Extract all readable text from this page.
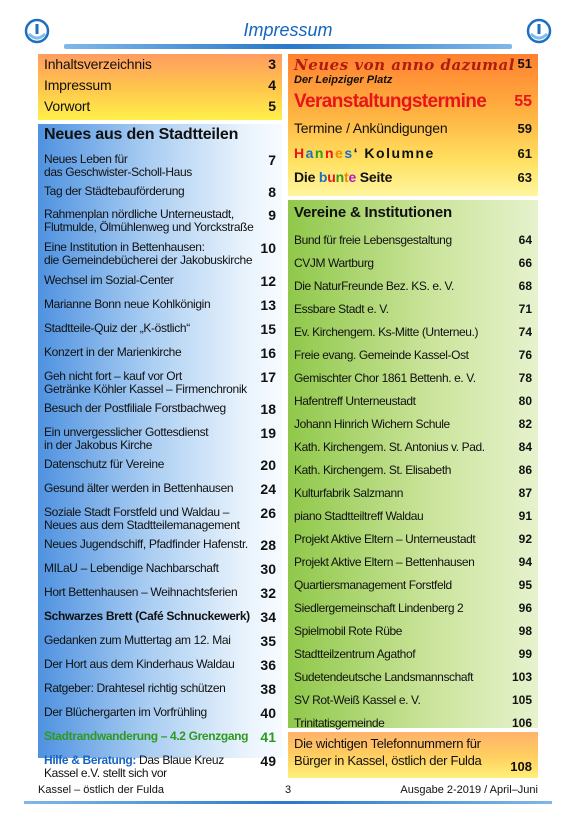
Impressum
Inhaltsverzeichnis	3
Impressum	4
Vorwort	5
Neues aus den Stadtteilen
Neues Leben für
das Geschwister-Scholl-Haus
7
Tag der Städtebauförderung	8
Rahmenplan nördliche Unterneustadt,
Flutmulde, Ölmühlenweg und Yorckstraße
9
Eine Institution in Bettenhausen:
die Gemeindebücherei der Jakobuskirche
10
Wechsel im Sozial-Center	12
Marianne Bonn neue Kohlkönigin	13
Stadtteile-Quiz der „K-östlich“	15
Konzert in der Marienkirche	16
Geh nicht fort – kauf vor Ort
Getränke Köhler Kassel – Firmenchronik
17
Besuch der Postfiliale Forstbachweg 18
Ein unvergesslicher Gottesdienst
in der Jakobus Kirche
19
Datenschutz für Vereine	20
Gesund älter werden in Bettenhausen 24
Soziale Stadt Forstfeld und Waldau –
Neues aus dem Stadtteilemanagement
26
Neues Jugendschiff, Pfadfinder Hafenstr. 28
MILaU – Lebendige Nachbarschaft	30
Hort Bettenhausen – Weihnachtsferien 32
Schwarzes Brett (Café Schnuckewerk) 34
Gedanken zum Muttertag am 12. Mai 35
Der Hort aus dem Kinderhaus Waldau 36
Ratgeber: Drahtesel richtig schützen 38
Der Blüchergarten im Vorfrühling	40
Stadtrandwanderung – 4.2 Grenzgang 41
Hilfe & Beratung: Das Blaue Kreuz
Kassel e.V. stellt sich vor
49
Neues von anno dazumal 51
Der Leipziger Platz
Veranstaltungstermine 55
Termine / Ankündigungen	59
Hannes‘ Kolumne	61
Die bunte Seite	63
Vereine & Institutionen
Bund für freie Lebensgestaltung	64
CVJM Wartburg	66
Die NaturFreunde Bez. KS. e. V.	68
Essbare Stadt e. V.	71
Ev. Kirchengem. Ks-Mitte (Unterneu.)	74
Freie evang. Gemeinde Kassel-Ost	76
Gemischter Chor 1861 Bettenh. e. V.	78
Hafentreff Unterneustadt	80
Johann Hinrich Wichern Schule	82
Kath. Kirchengem. St. Antonius v. Pad.	84
Kath. Kirchengem. St. Elisabeth	86
Kulturfabrik Salzmann	87
piano Stadtteiltreff Waldau	91
Projekt Aktive Eltern – Unterneustadt	92
Projekt Aktive Eltern – Bettenhausen	94
Quartiersmanagement Forstfeld	95
Siedlergemeinschaft Lindenberg 2	96
Spielmobil Rote Rübe	98
Stadtteilzentrum Agathof	99
Sudetendeutsche Landsmannschaft	103
SV Rot-Weiß Kassel e. V.	105
Trinitatisgemeinde	106
Die wichtigen Telefonnummern für
Bürger in Kassel, östlich der Fulda	108
Kassel – östlich der Fulda	3	Ausgabe 2-2019 / April–Juni
